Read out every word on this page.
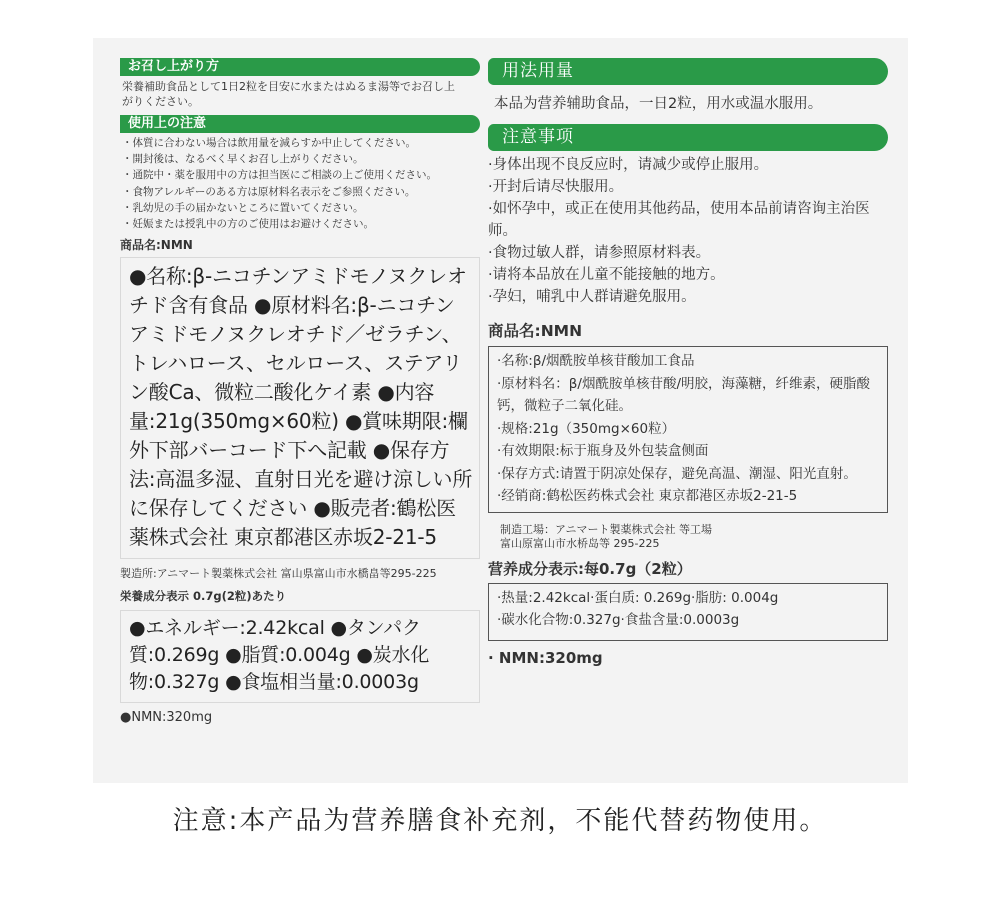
お召し上がり方

栄養補助食品として1日2粒を目安に水またはぬるま湯等でお召し上がりください。

使用上の注意
・体質に合わない場合は飲用量を減らすか中止してください。
・開封後は、なるべく早くお召し上がりください。
・通院中・薬を服用中の方は担当医にご相談の上ご使用ください。
・食物アレルギーのある方は原材料名表示をご参照ください。
・乳幼児の手の届かないところに置いてください。
・妊娠または授乳中の方のご使用はお避けください。
商品名:NMN
●名称:β-ニコチンアミドモノヌクレオチド含有食品 ●原材料名:β-ニコチンアミドモノヌクレオチド／ゼラチン、トレハロース、セルロース、ステアリン酸Ca、微粒二酸化ケイ素 ●内容量:21g(350mg×60粒) ●賞味期限:欄外下部バーコード下へ記載 ●保存方法:高温多湿、直射日光を避け涼しい所に保存してください ●販売者:鶴松医薬株式会社 東京都港区赤坂2-21-5
製造所:アニマート製薬株式会社 富山県富山市水橋畠等295-225
栄養成分表示 0.7g(2粒)あたり
●エネルギー:2.42kcal ●タンパク質:0.269g ●脂質:0.004g ●炭水化物:0.327g ●食塩相当量:0.0003g
●NMN:320mg
用法用量

本品为营养辅助食品，一日2粒，用水或温水服用。

注意事项

·身体出现不良反应时，请减少或停止服用。

·开封后请尽快服用。

·如怀孕中，或正在使用其他药品，使用本品前请咨询主治医师。

·食物过敏人群，请参照原材料表。

·请将本品放在儿童不能接触的地方。

·孕妇，哺乳中人群请避免服用。

商品名:NMN

·名称:β/烟酰胺单核苷酸加工食品

·原材料名：β/烟酰胺单核苷酸/明胶，海藻糖，纤维素，硬脂酸钙，微粒子二氧化硅。

·规格:21g（350mg×60粒）

·有效期限:标于瓶身及外包装盒侧面

·保存方式:请置于阴凉处保存，避免高温、潮湿、阳光直射。

·经销商:鹤松医药株式会社 東京都港区赤坂2-21-5

制造工場：アニマート製薬株式会社 等工場

富山原富山市水桥岛等 295-225

营养成分表示:每0.7g（2粒）

·热量:2.42kcal·蛋白质: 0.269g·脂肪: 0.004g

·碳水化合物:0.327g·食盐含量:0.0003g

· NMN:320mg
注意:本产品为营养膳食补充剂，不能代替药物使用。
